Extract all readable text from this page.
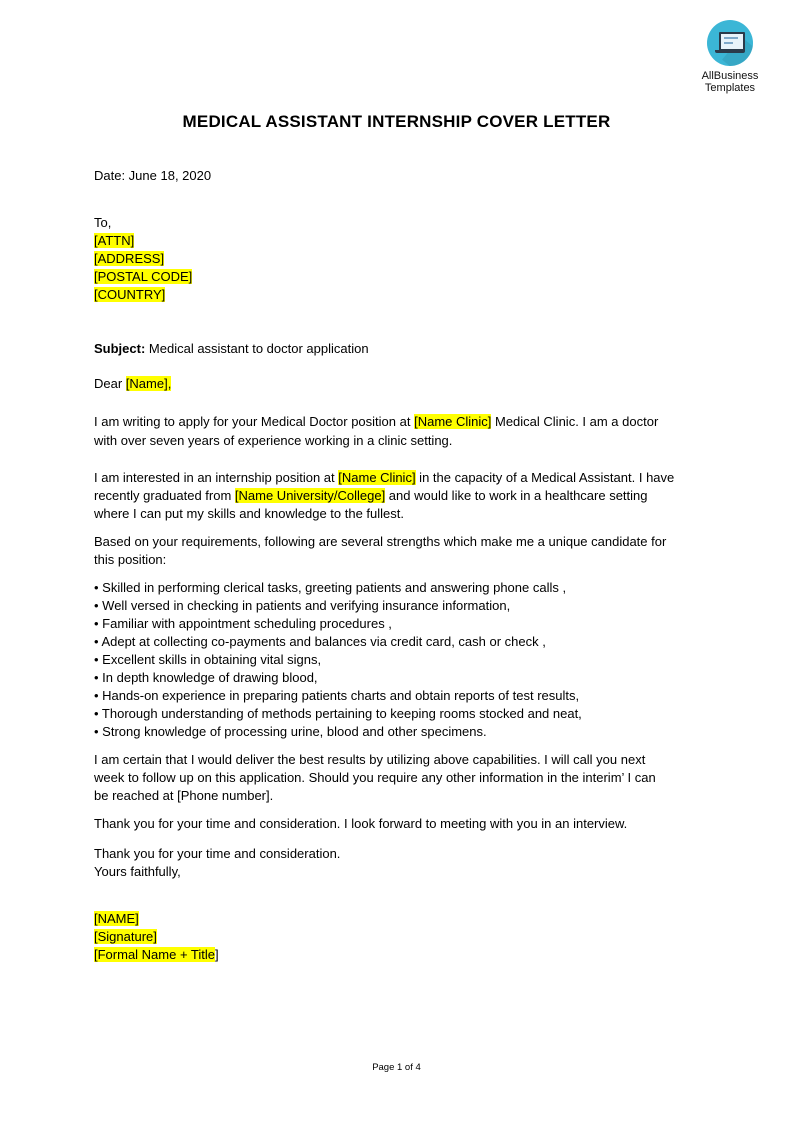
AllBusiness
Templates
MEDICAL ASSISTANT INTERNSHIP COVER LETTER
Date: June 18, 2020
To,
[ATTN]
[ADDRESS]
[POSTAL CODE]
[COUNTRY]
Subject: Medical assistant to doctor application
Dear [Name],
I am writing to apply for your Medical Doctor position at [Name Clinic] Medical Clinic. I am a doctor
with over seven years of experience working in a clinic setting.
I am interested in an internship position at [Name Clinic] in the capacity of a Medical Assistant. I have
recently graduated from [Name University/College] and would like to work in a healthcare setting
where I can put my skills and knowledge to the fullest.
Based on your requirements, following are several strengths which make me a unique candidate for
this position:
• Skilled in performing clerical tasks, greeting patients and answering phone calls ,
• Well versed in checking in patients and verifying insurance information,
• Familiar with appointment scheduling procedures ,
• Adept at collecting co-payments and balances via credit card, cash or check ,
• Excellent skills in obtaining vital signs,
• In depth knowledge of drawing blood,
• Hands-on experience in preparing patients charts and obtain reports of test results,
• Thorough understanding of methods pertaining to keeping rooms stocked and neat,
• Strong knowledge of processing urine, blood and other specimens.
I am certain that I would deliver the best results by utilizing above capabilities. I will call you next
week to follow up on this application. Should you require any other information in the interim’ I can
be reached at [Phone number].
Thank you for your time and consideration. I look forward to meeting with you in an interview.
Thank you for your time and consideration.
Yours faithfully,
[NAME]
[Signature]
[Formal Name + Title]
Page 1 of 4
